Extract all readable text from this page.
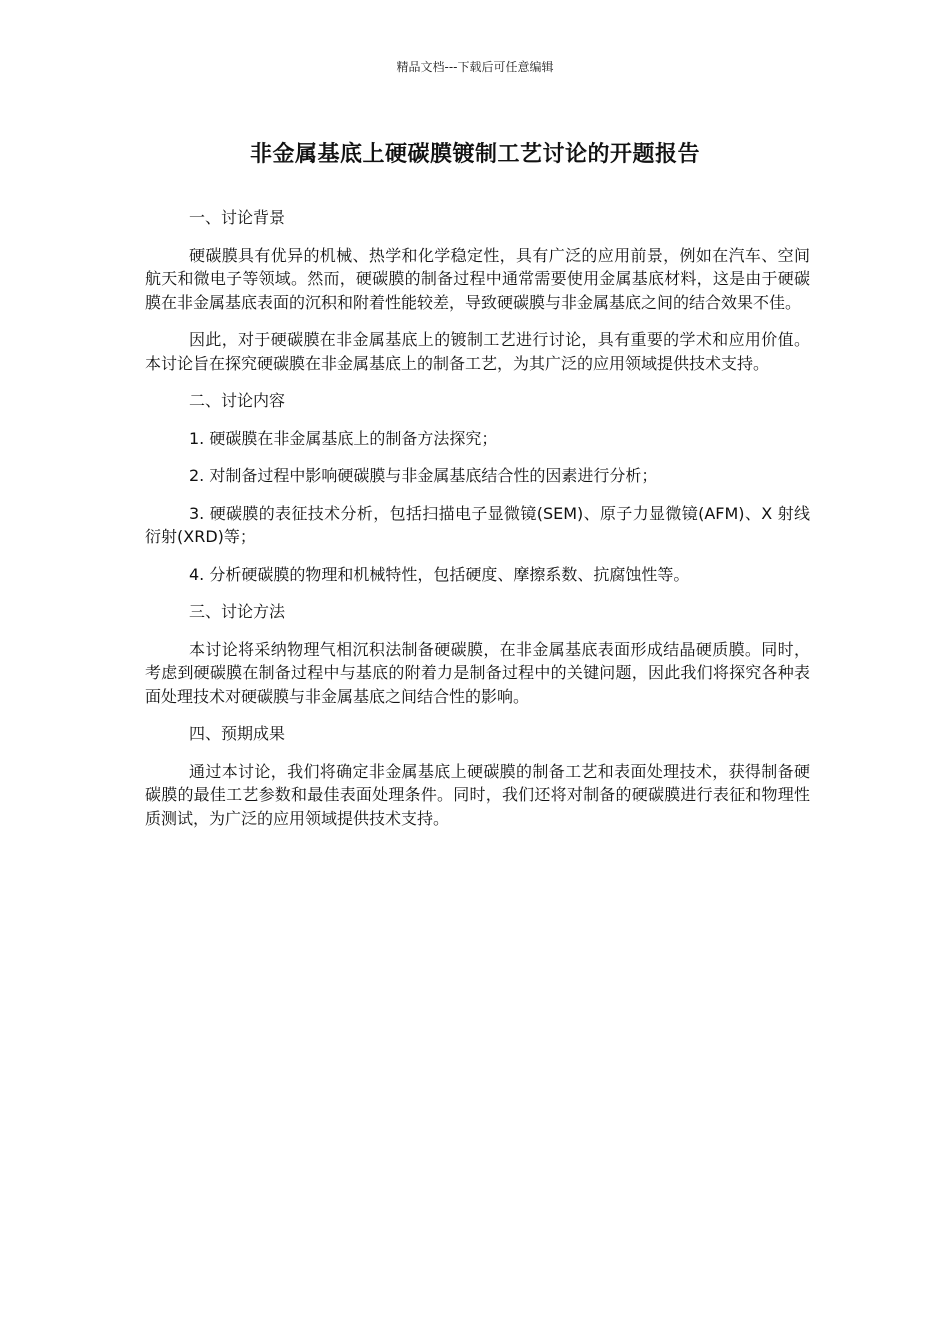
精品文档---下载后可任意编辑
非金属基底上硬碳膜镀制工艺讨论的开题报告

一、讨论背景

硬碳膜具有优异的机械、热学和化学稳定性，具有广泛的应用前景，例如在汽车、空间航天和微电子等领域。然而，硬碳膜的制备过程中通常需要使用金属基底材料，这是由于硬碳膜在非金属基底表面的沉积和附着性能较差，导致硬碳膜与非金属基底之间的结合效果不佳。

因此，对于硬碳膜在非金属基底上的镀制工艺进行讨论，具有重要的学术和应用价值。本讨论旨在探究硬碳膜在非金属基底上的制备工艺，为其广泛的应用领域提供技术支持。

二、讨论内容

1. 硬碳膜在非金属基底上的制备方法探究；

2. 对制备过程中影响硬碳膜与非金属基底结合性的因素进行分析；

3. 硬碳膜的表征技术分析，包括扫描电子显微镜(SEM)、原子力显微镜(AFM)、X 射线衍射(XRD)等；

4. 分析硬碳膜的物理和机械特性，包括硬度、摩擦系数、抗腐蚀性等。

三、讨论方法

本讨论将采纳物理气相沉积法制备硬碳膜，在非金属基底表面形成结晶硬质膜。同时，考虑到硬碳膜在制备过程中与基底的附着力是制备过程中的关键问题，因此我们将探究各种表面处理技术对硬碳膜与非金属基底之间结合性的影响。

四、预期成果

通过本讨论，我们将确定非金属基底上硬碳膜的制备工艺和表面处理技术，获得制备硬碳膜的最佳工艺参数和最佳表面处理条件。同时，我们还将对制备的硬碳膜进行表征和物理性质测试，为广泛的应用领域提供技术支持。
